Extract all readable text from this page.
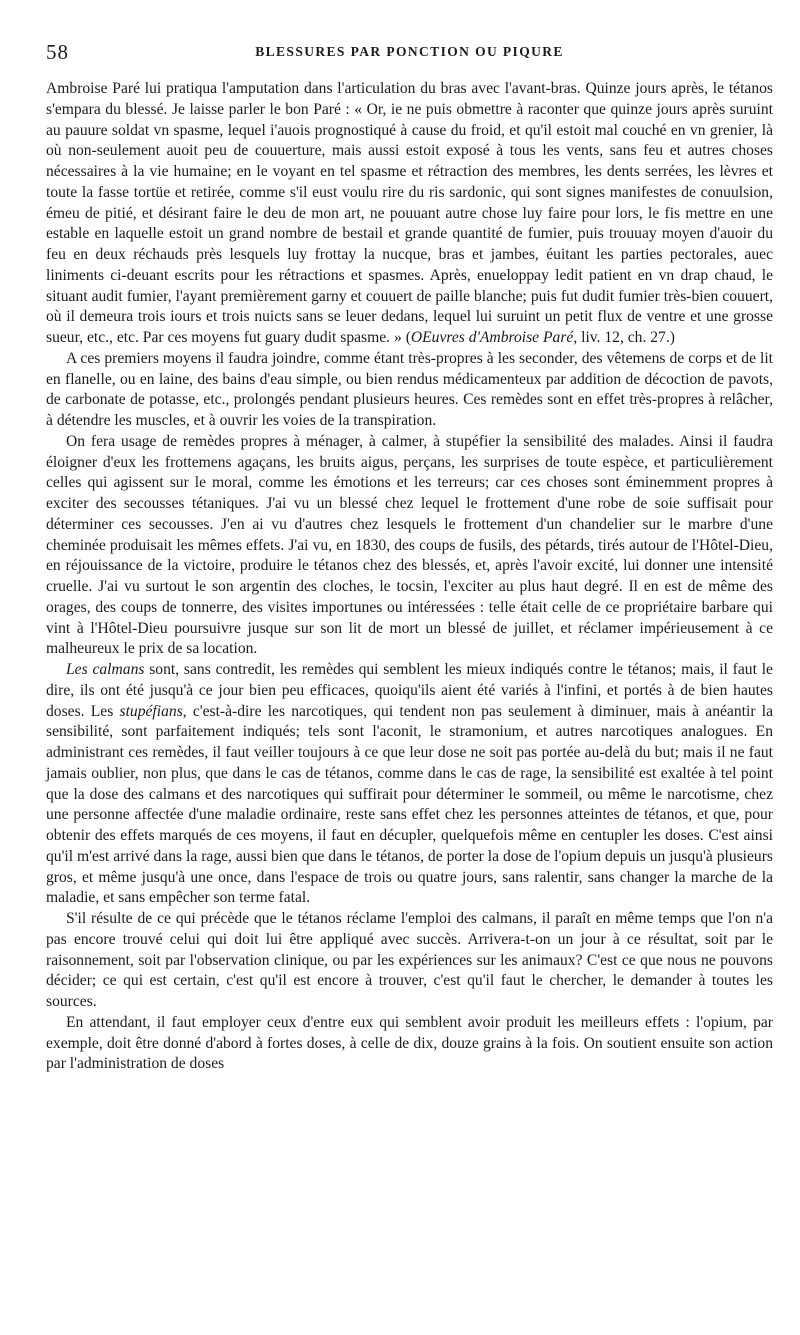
58	BLESSURES PAR PONCTION OU PIQURE

Ambroise Paré lui pratiqua l'amputation dans l'articulation du bras avec l'avant-bras. Quinze jours après, le tétanos s'empara du blessé. Je laisse parler le bon Paré : « Or, ie ne puis obmettre à raconter que quinze jours après suruint au pauure soldat vn spasme, lequel i'auois prognostiqué à cause du froid, et qu'il estoit mal couché en vn grenier, là où non-seulement auoit peu de couuerture, mais aussi estoit exposé à tous les vents, sans feu et autres choses nécessaires à la vie humaine; en le voyant en tel spasme et rétraction des membres, les dents serrées, les lèvres et toute la fasse tortüe et retirée, comme s'il eust voulu rire du ris sardonic, qui sont signes manifestes de conuulsion, émeu de pitié, et désirant faire le deu de mon art, ne pouuant autre chose luy faire pour lors, le fis mettre en une estable en laquelle estoit un grand nombre de bestail et grande quantité de fumier, puis trouuay moyen d'auoir du feu en deux réchauds près lesquels luy frottay la nucque, bras et jambes, éuitant les parties pectorales, auec liniments ci-deuant escrits pour les rétractions et spasmes. Après, enueloppay ledit patient en vn drap chaud, le situant audit fumier, l'ayant premièrement garny et couuert de paille blanche; puis fut dudit fumier très-bien couuert, où il demeura trois iours et trois nuicts sans se leuer dedans, lequel lui suruint un petit flux de ventre et une grosse sueur, etc., etc. Par ces moyens fut guary dudit spasme. » (OEuvres d'Ambroise Paré, liv. 12, ch. 27.)

A ces premiers moyens il faudra joindre, comme étant très-propres à les seconder, des vêtemens de corps et de lit en flanelle, ou en laine, des bains d'eau simple, ou bien rendus médicamenteux par addition de décoction de pavots, de carbonate de potasse, etc., prolongés pendant plusieurs heures. Ces remèdes sont en effet très-propres à relâcher, à détendre les muscles, et à ouvrir les voies de la transpiration.

On fera usage de remèdes propres à ménager, à calmer, à stupéfier la sensibilité des malades. Ainsi il faudra éloigner d'eux les frottemens agaçans, les bruits aigus, perçans, les surprises de toute espèce, et particulièrement celles qui agissent sur le moral, comme les émotions et les terreurs; car ces choses sont éminemment propres à exciter des secousses tétaniques. J'ai vu un blessé chez lequel le frottement d'une robe de soie suffisait pour déterminer ces secousses. J'en ai vu d'autres chez lesquels le frottement d'un chandelier sur le marbre d'une cheminée produisait les mêmes effets. J'ai vu, en 1830, des coups de fusils, des pétards, tirés autour de l'Hôtel-Dieu, en réjouissance de la victoire, produire le tétanos chez des blessés, et, après l'avoir excité, lui donner une intensité cruelle. J'ai vu surtout le son argentin des cloches, le tocsin, l'exciter au plus haut degré. Il en est de même des orages, des coups de tonnerre, des visites importunes ou intéressées : telle était celle de ce propriétaire barbare qui vint à l'Hôtel-Dieu poursuivre jusque sur son lit de mort un blessé de juillet, et réclamer impérieusement à ce malheureux le prix de sa location.

Les calmans sont, sans contredit, les remèdes qui semblent les mieux indiqués contre le tétanos; mais, il faut le dire, ils ont été jusqu'à ce jour bien peu efficaces, quoiqu'ils aient été variés à l'infini, et portés à de bien hautes doses. Les stupéfians, c'est-à-dire les narcotiques, qui tendent non pas seulement à diminuer, mais à anéantir la sensibilité, sont parfaitement indiqués; tels sont l'aconit, le stramonium, et autres narcotiques analogues. En administrant ces remèdes, il faut veiller toujours à ce que leur dose ne soit pas portée au-delà du but; mais il ne faut jamais oublier, non plus, que dans le cas de tétanos, comme dans le cas de rage, la sensibilité est exaltée à tel point que la dose des calmans et des narcotiques qui suffirait pour déterminer le sommeil, ou même le narcotisme, chez une personne affectée d'une maladie ordinaire, reste sans effet chez les personnes atteintes de tétanos, et que, pour obtenir des effets marqués de ces moyens, il faut en décupler, quelquefois même en centupler les doses. C'est ainsi qu'il m'est arrivé dans la rage, aussi bien que dans le tétanos, de porter la dose de l'opium depuis un jusqu'à plusieurs gros, et même jusqu'à une once, dans l'espace de trois ou quatre jours, sans ralentir, sans changer la marche de la maladie, et sans empêcher son terme fatal.

S'il résulte de ce qui précède que le tétanos réclame l'emploi des calmans, il paraît en même temps que l'on n'a pas encore trouvé celui qui doit lui être appliqué avec succès. Arrivera-t-on un jour à ce résultat, soit par le raisonnement, soit par l'observation clinique, ou par les expériences sur les animaux? C'est ce que nous ne pouvons décider; ce qui est certain, c'est qu'il est encore à trouver, c'est qu'il faut le chercher, le demander à toutes les sources.

En attendant, il faut employer ceux d'entre eux qui semblent avoir produit les meilleurs effets : l'opium, par exemple, doit être donné d'abord à fortes doses, à celle de dix, douze grains à la fois. On soutient ensuite son action par l'administration de doses
